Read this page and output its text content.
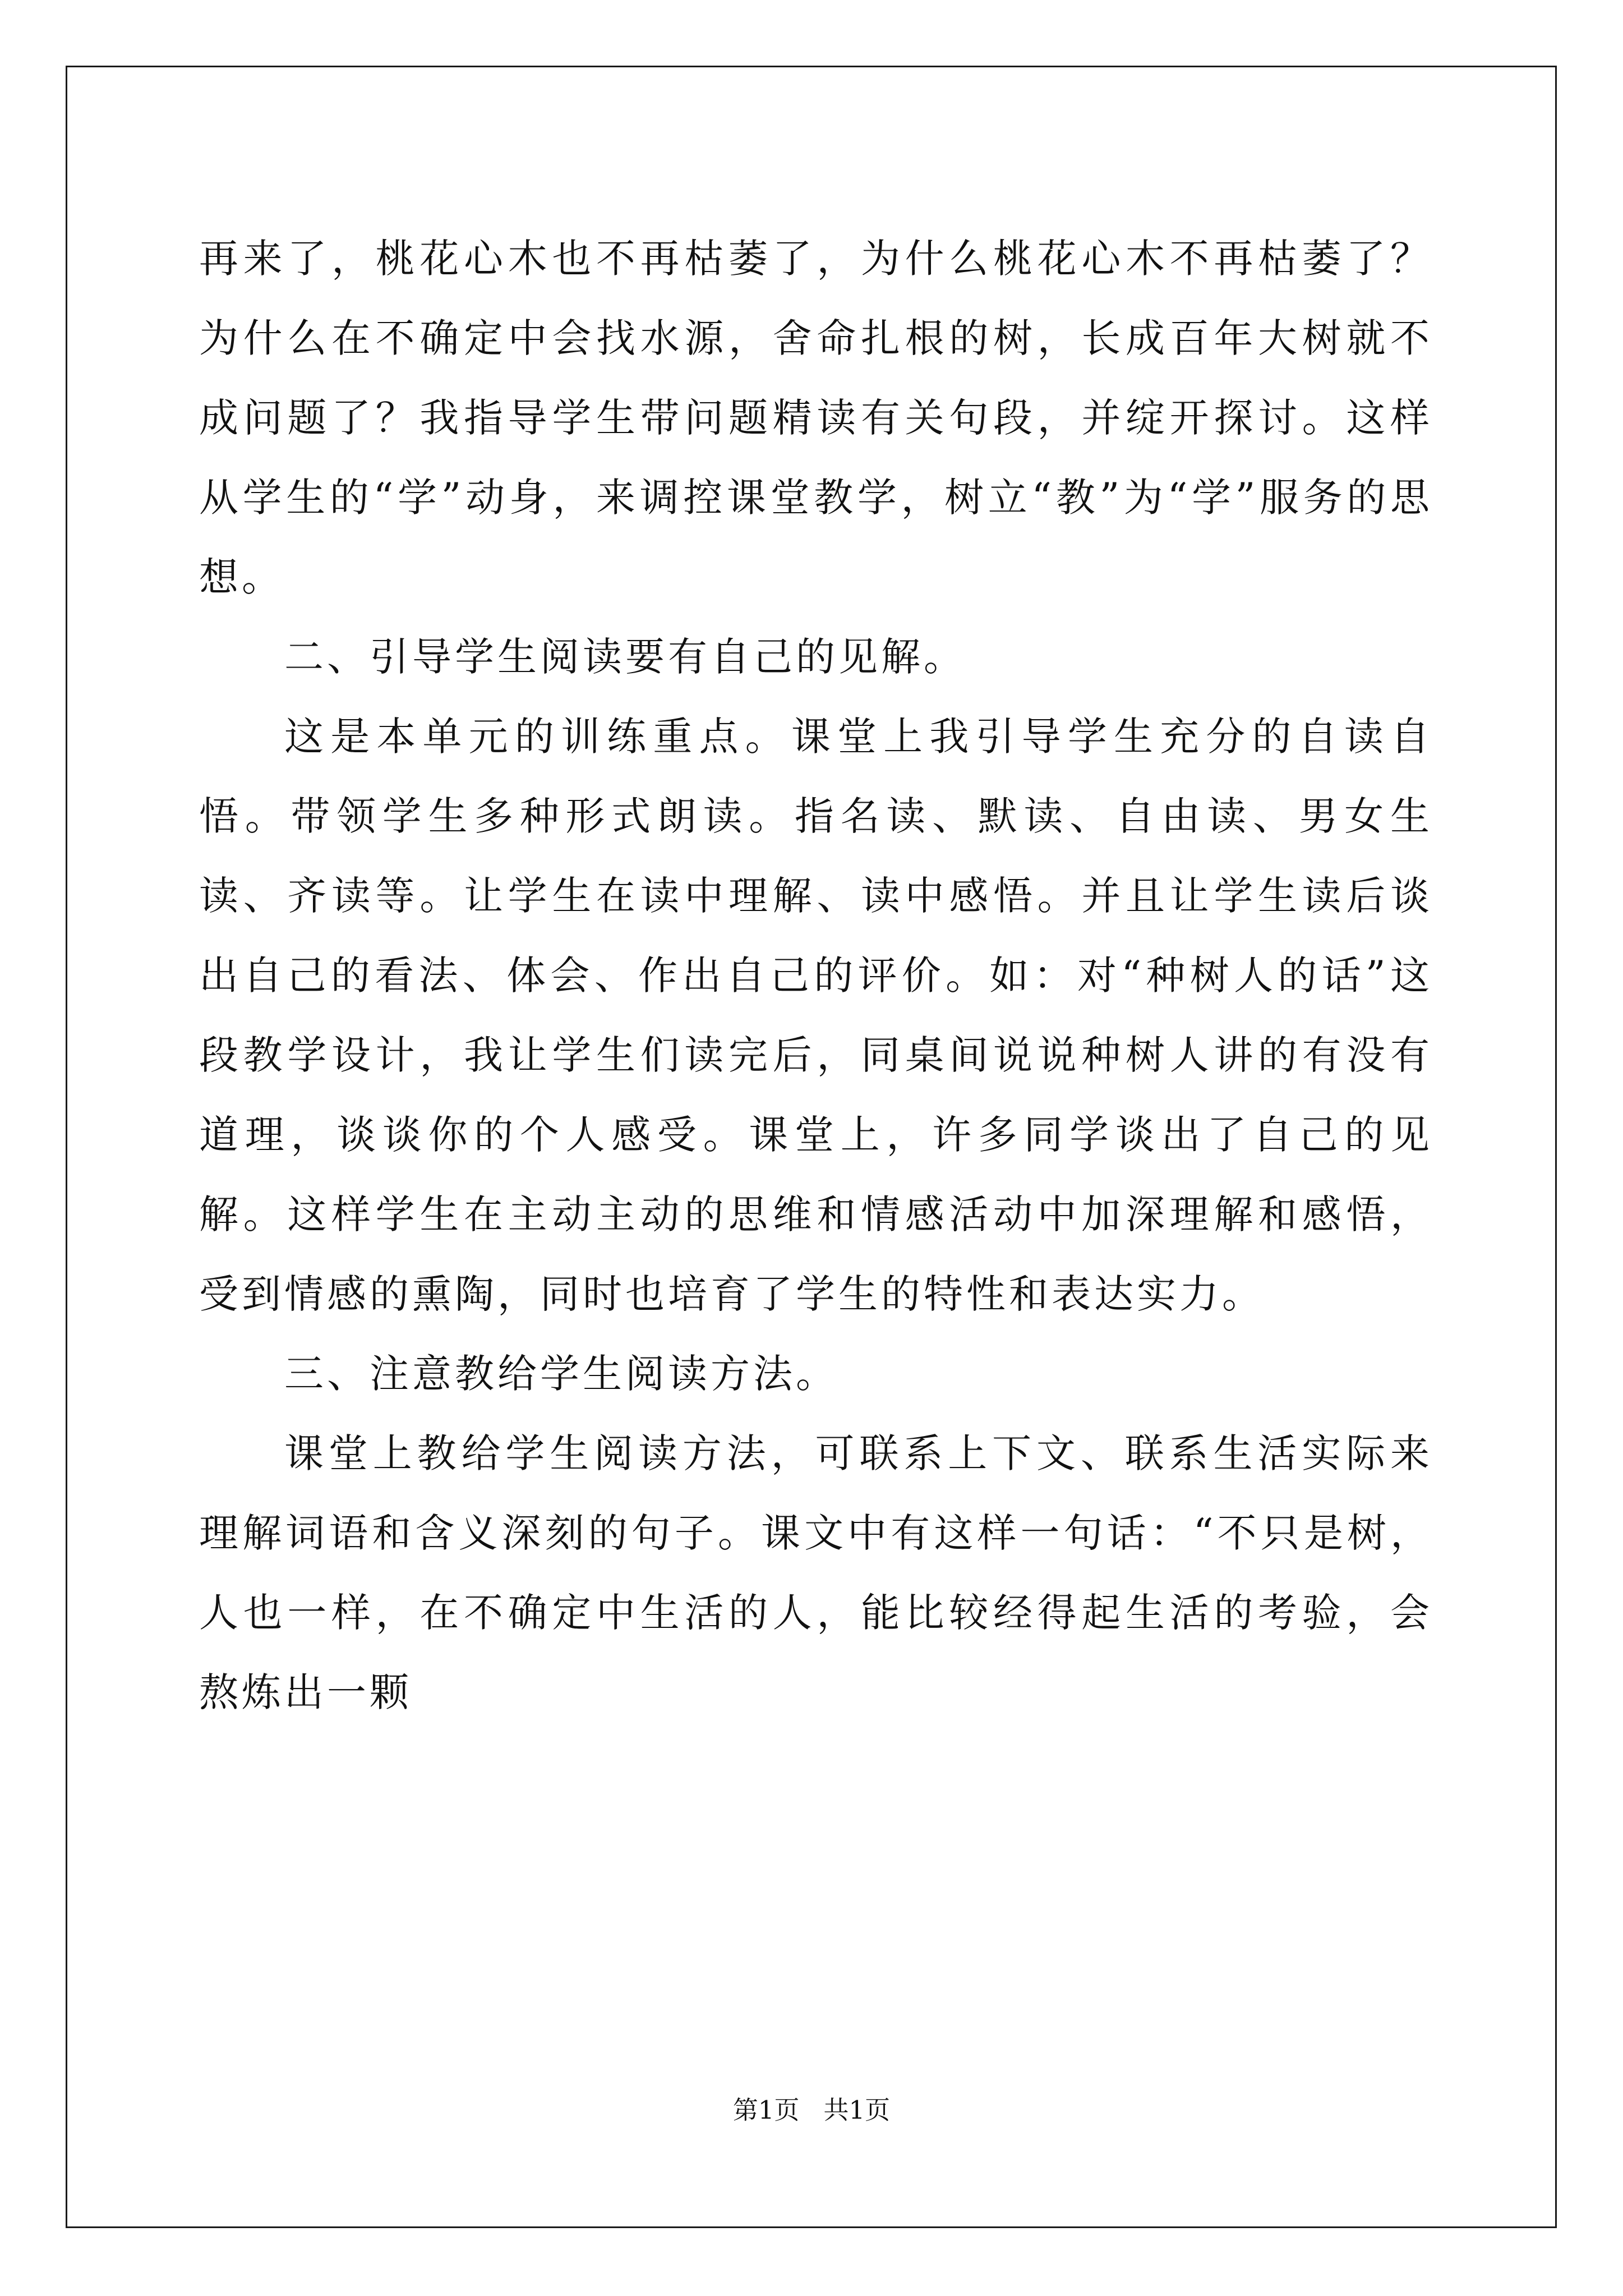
再来了，桃花心木也不再枯萎了，为什么桃花心木不再枯萎了？为什么在不确定中会找水源，舍命扎根的树，长成百年大树就不成问题了？我指导学生带问题精读有关句段，并绽开探讨。这样从学生的“学”动身，来调控课堂教学，树立“教”为“学”服务的思想。

二、引导学生阅读要有自己的见解。

这是本单元的训练重点。课堂上我引导学生充分的自读自悟。带领学生多种形式朗读。指名读、默读、自由读、男女生读、齐读等。让学生在读中理解、读中感悟。并且让学生读后谈出自己的看法、体会、作出自己的评价。如：对“种树人的话”这段教学设计，我让学生们读完后，同桌间说说种树人讲的有没有道理，谈谈你的个人感受。课堂上，许多同学谈出了自己的见解。这样学生在主动主动的思维和情感活动中加深理解和感悟，受到情感的熏陶，同时也培育了学生的特性和表达实力。

三、注意教给学生阅读方法。

课堂上教给学生阅读方法，可联系上下文、联系生活实际来理解词语和含义深刻的句子。课文中有这样一句话：“不只是树，人也一样，在不确定中生活的人，能比较经得起生活的考验，会熬炼出一颗

第1页   共1页
